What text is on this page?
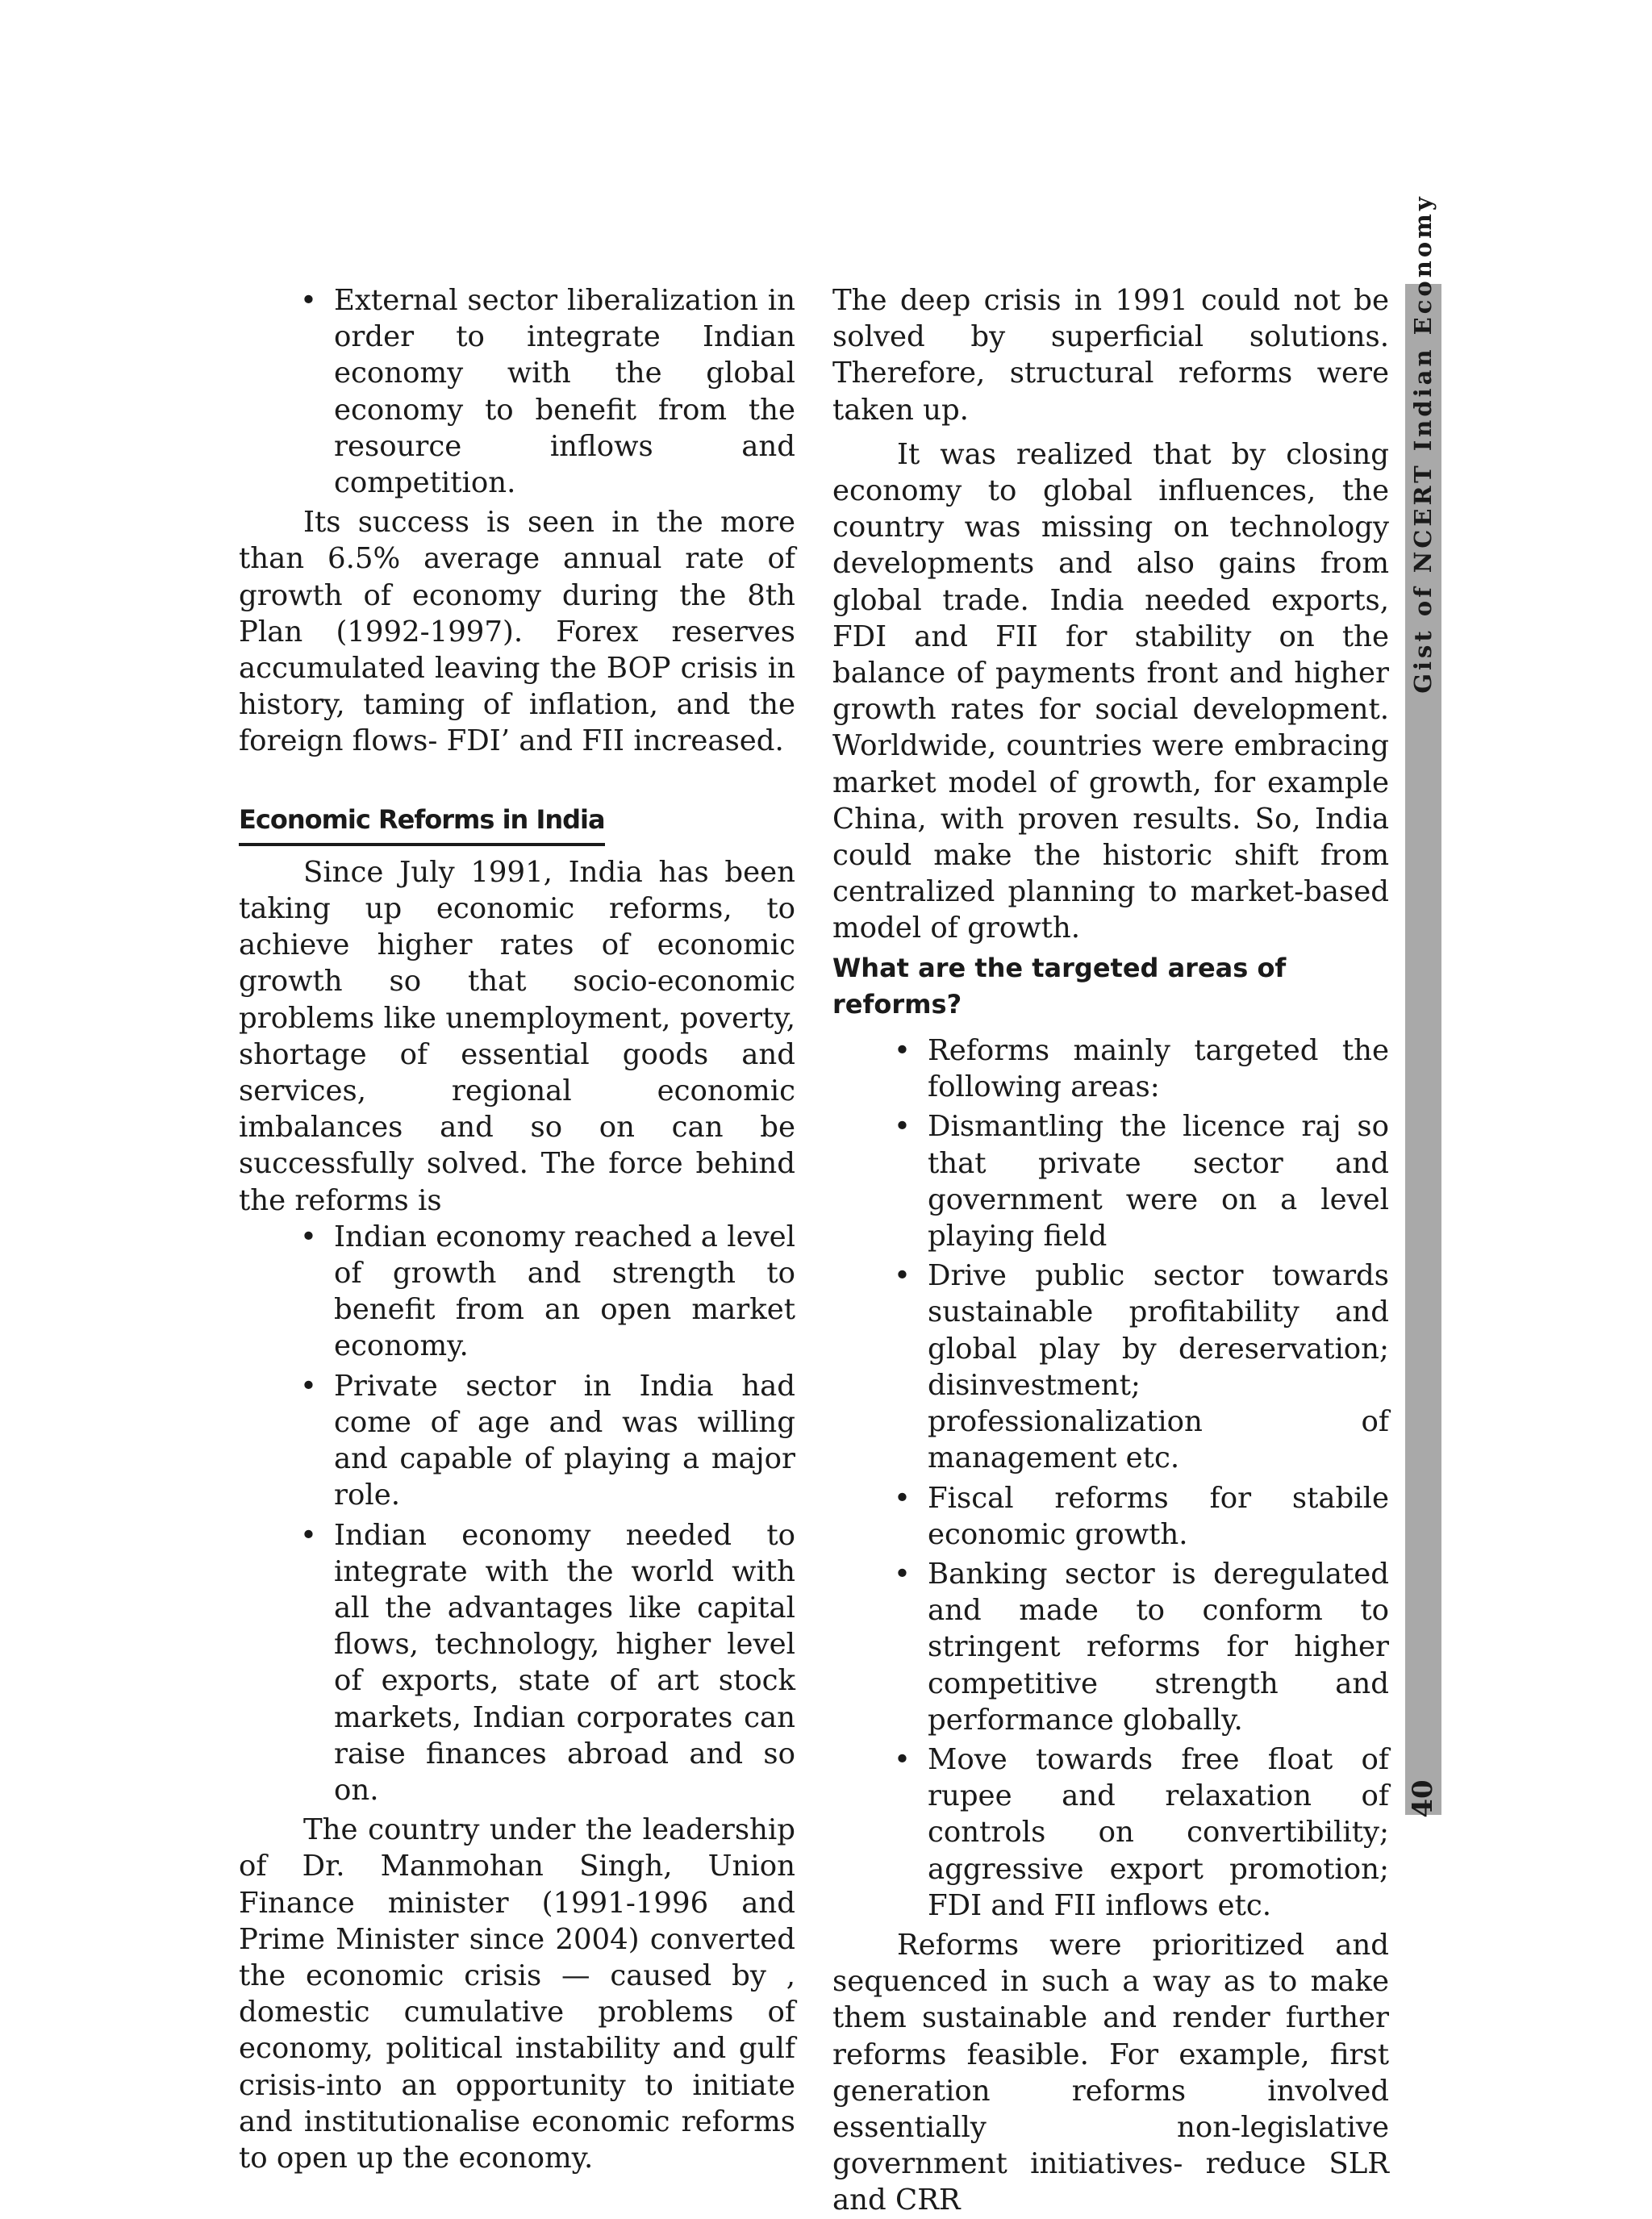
• External sector liberalization in order to integrate Indian economy with the global economy to benefit from the resource inflows and competition.

Its success is seen in the more than 6.5% average annual rate of growth of economy during the 8th Plan (1992-1997). Forex reserves accumulated leaving the BOP crisis in history, taming of inflation, and the foreign flows- FDI’ and FII increased.

Economic Reforms in India

Since July 1991, India has been taking up economic reforms, to achieve higher rates of economic growth so that socio-economic problems like unemployment, poverty, shortage of essential goods and services, regional economic imbalances and so on can be successfully solved. The force behind the reforms is

• Indian economy reached a level of growth and strength to benefit from an open market economy.
• Private sector in India had come of age and was willing and capable of playing a major role.
• Indian economy needed to integrate with the world with all the advantages like capital flows, technology, higher level of exports, state of art stock markets, Indian corporates can raise finances abroad and so on.

The country under the leadership of Dr. Manmohan Singh, Union Finance minister (1991-1996 and Prime Minister since 2004) converted the economic crisis — caused by , domestic cumulative problems of economy, political instability and gulf crisis-into an opportunity to initiate and institutionalise economic reforms to open up the economy.

The deep crisis in 1991 could not be solved by superficial solutions. Therefore, structural reforms were taken up.

It was realized that by closing economy to global influences, the country was missing on technology developments and also gains from global trade. India needed exports, FDI and FII for stability on the balance of payments front and higher growth rates for social development. Worldwide, countries were embracing market model of growth, for example China, with proven results. So, India could make the historic shift from centralized planning to market-based model of growth.

What are the targeted areas of reforms?
• Reforms mainly targeted the following areas:
• Dismantling the licence raj so that private sector and government were on a level playing field
• Drive public sector towards sustainable profitability and global play by dereservation; disinvestment; professionalization of management etc.
• Fiscal reforms for stabile economic growth.
• Banking sector is deregulated and made to conform to stringent reforms for higher competitive strength and performance globally.
• Move towards free float of rupee and relaxation of controls on convertibility; aggressive export promotion; FDI and FII inflows etc.

Reforms were prioritized and sequenced in such a way as to make them sustainable and render further reforms feasible. For example, first generation reforms involved essentially non-legislative government initiatives- reduce SLR and CRR

Gist of NCERT Indian Economy
40
